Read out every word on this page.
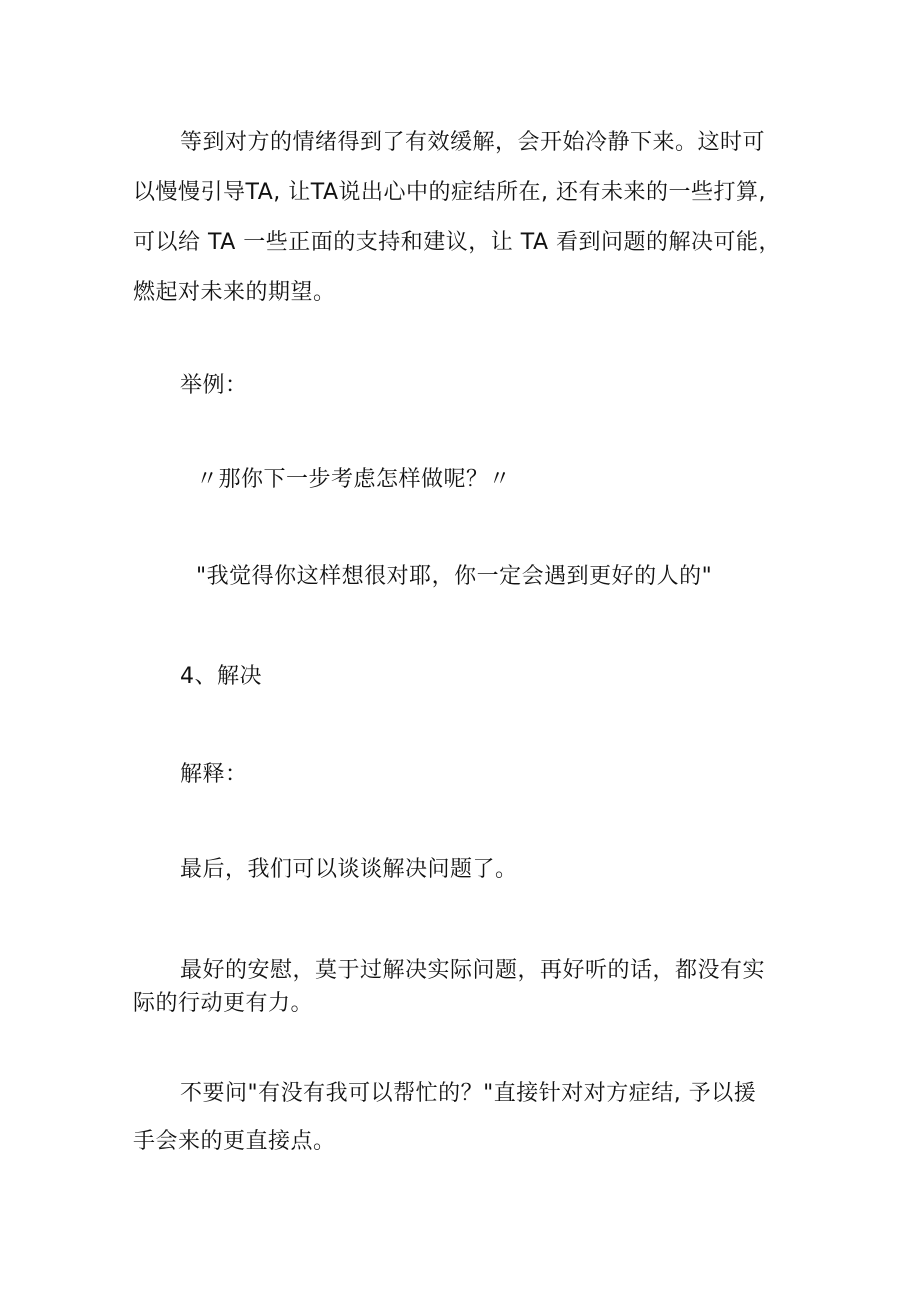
等到对方的情绪得到了有效缓解，会开始冷静下来。这时可
以慢慢引导TA, 让TA说出心中的症结所在, 还有未来的一些打算,
可以给 TA 一些正面的支持和建议，让 TA 看到问题的解决可能，
燃起对未来的期望。
举例：
〃那你下一步考虑怎样做呢？〃
"我觉得你这样想很对耶，你一定会遇到更好的人的"
4、解决
解释：
最后，我们可以谈谈解决问题了。
最好的安慰，莫于过解决实际问题，再好听的话，都没有实
际的行动更有力。
不要问"有没有我可以帮忙的？"直接针对对方症结, 予以援
手会来的更直接点。
